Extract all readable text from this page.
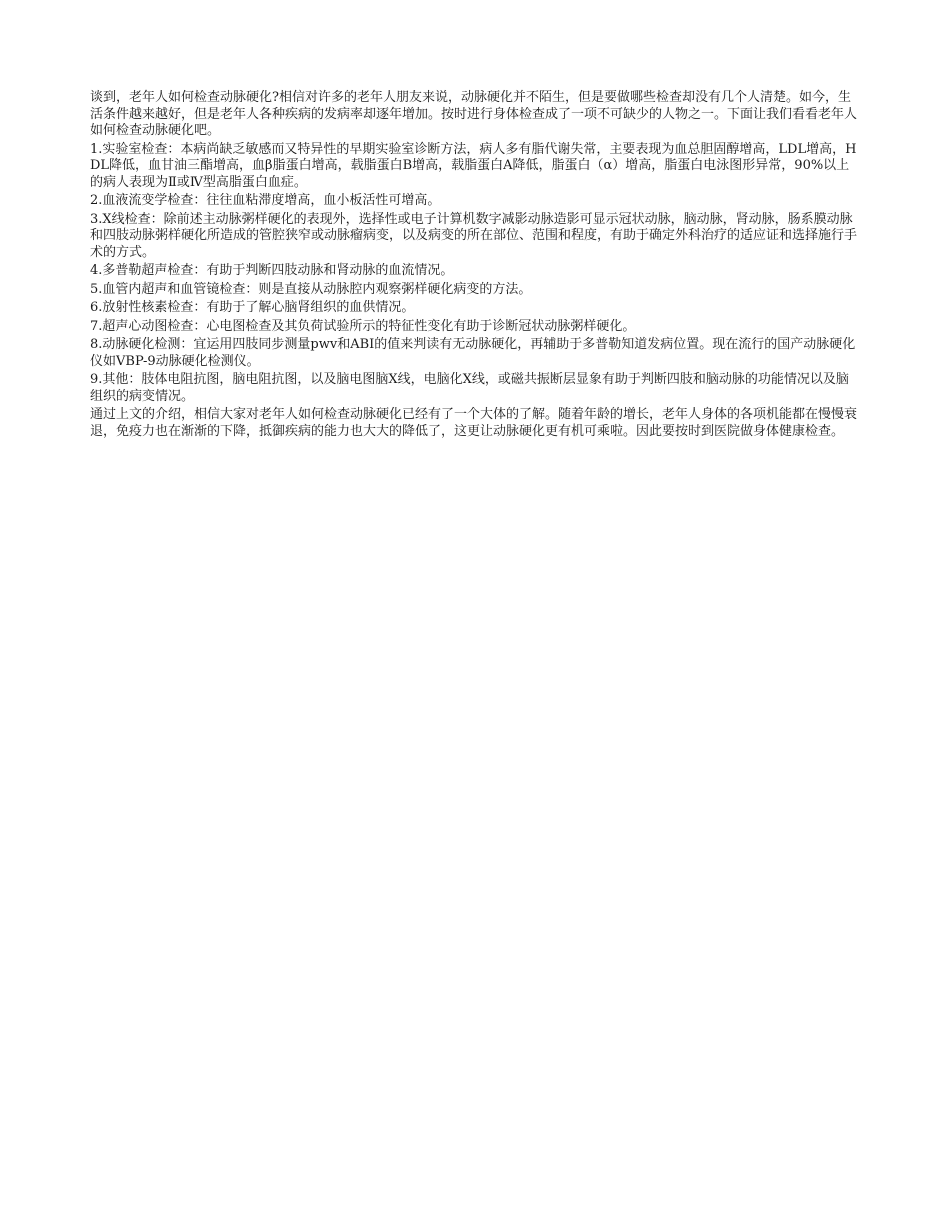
谈到，老年人如何检查动脉硬化?相信对许多的老年人朋友来说，动脉硬化并不陌生，但是要做哪些检查却没有几个人清楚。如今，生活条件越来越好，但是老年人各种疾病的发病率却逐年增加。按时进行身体检查成了一项不可缺少的人物之一。下面让我们看看老年人如何检查动脉硬化吧。

1.实验室检查：本病尚缺乏敏感而又特异性的早期实验室诊断方法，病人多有脂代谢失常，主要表现为血总胆固醇增高，LDL增高，HDL降低，血甘油三酯增高，血β脂蛋白增高，载脂蛋白B增高，载脂蛋白A降低，脂蛋白（α）增高，脂蛋白电泳图形异常，90%以上的病人表现为Ⅱ或Ⅳ型高脂蛋白血症。

2.血液流变学检查：往往血粘滞度增高，血小板活性可增高。

3.X线检查：除前述主动脉粥样硬化的表现外，选择性或电子计算机数字减影动脉造影可显示冠状动脉，脑动脉，肾动脉，肠系膜动脉和四肢动脉粥样硬化所造成的管腔狭窄或动脉瘤病变，以及病变的所在部位、范围和程度，有助于确定外科治疗的适应证和选择施行手术的方式。

4.多普勒超声检查：有助于判断四肢动脉和肾动脉的血流情况。

5.血管内超声和血管镜检查：则是直接从动脉腔内观察粥样硬化病变的方法。

6.放射性核素检查：有助于了解心脑肾组织的血供情况。

7.超声心动图检查：心电图检查及其负荷试验所示的特征性变化有助于诊断冠状动脉粥样硬化。

8.动脉硬化检测：宜运用四肢同步测量pwv和ABI的值来判读有无动脉硬化，再辅助于多普勒知道发病位置。现在流行的国产动脉硬化仪如VBP-9动脉硬化检测仪。

9.其他：肢体电阻抗图，脑电阻抗图，以及脑电图脑X线，电脑化X线，或磁共振断层显象有助于判断四肢和脑动脉的功能情况以及脑组织的病变情况。

通过上文的介绍，相信大家对老年人如何检查动脉硬化已经有了一个大体的了解。随着年龄的增长，老年人身体的各项机能都在慢慢衰退，免疫力也在渐渐的下降，抵御疾病的能力也大大的降低了，这更让动脉硬化更有机可乘啦。因此要按时到医院做身体健康检查。
